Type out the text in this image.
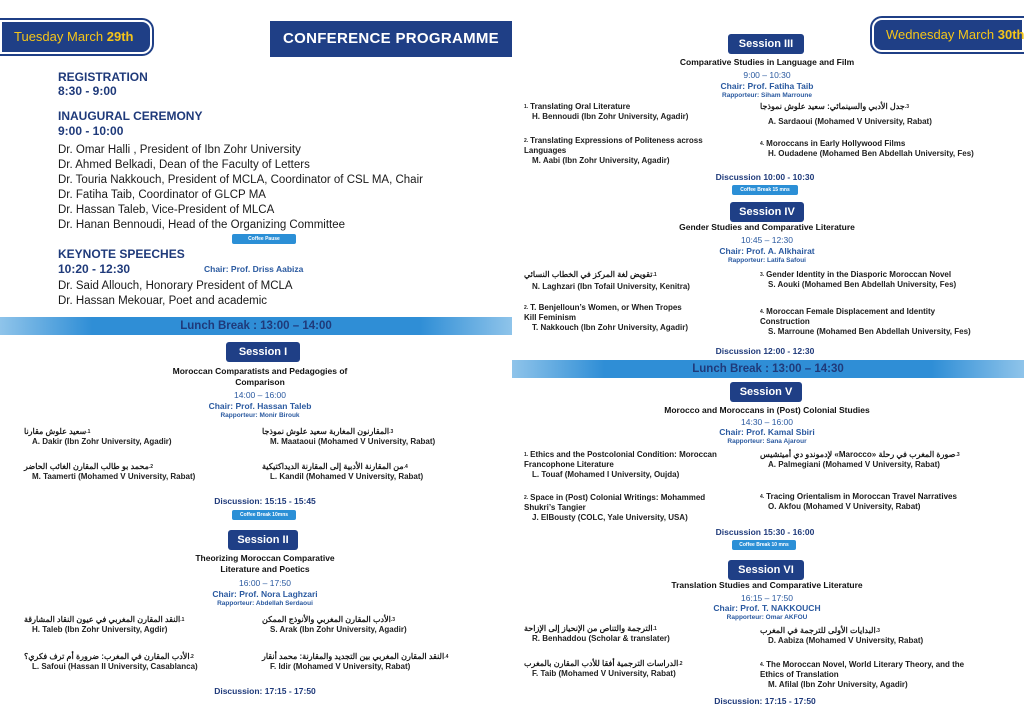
Tuesday March 29th	CONFERENCE PROGRAMME	Wednesday March 30th
REGISTRATION
8:30 - 9:00
INAUGURAL CEREMONY
9:00 - 10:00
Dr. Omar Halli , President of Ibn Zohr University
Dr. Ahmed Belkadi, Dean of the Faculty of Letters
Dr. Touria Nakkouch, President of MCLA, Coordinator of CSL MA, Chair
Dr. Fatiha Taib, Coordinator of GLCP MA
Dr. Hassan Taleb, Vice-President of MLCA
Dr. Hanan Bennoudi, Head of the Organizing Committee
Coffee Pause
KEYNOTE SPEECHES
10:20 - 12:30	Chair: Prof. Driss Aabiza
Dr. Said Allouch, Honorary President of MCLA
Dr. Hassan Mekouar, Poet and academic
Lunch Break : 13:00 – 14:00
Session I
Moroccan Comparatists and Pedagogies of
Comparison
14:00 – 16:00
Chair: Prof. Hassan Taleb
Rapporteur: Monir Birouk
$^{1.}$سعيد علوش مقارنا
A. Dakir (Ibn Zohr University, Agadir)
$^{2.}$محمد بو طالب المقارن الغائب الحاضر
M. Taamerti (Mohamed V University, Rabat)
$^{3.}$المقارنون المغاربة سعيد علوش نموذجا
M. Maataoui (Mohamed V University, Rabat)
$^{4.}$من المقارنة الأدبية إلى المقارنة الديداكتيكية
L. Kandil (Mohamed V University, Rabat)
Discussion: 15:15 - 15:45
Coffee Break 10mns
Session II
Theorizing Moroccan Comparative
Literature and Poetics
16:00 – 17:50
Chair: Prof. Nora Laghzari
Rapporteur: Abdellah Serdaoui
$^{1.}$النقد المقارن المغربي في عيون النقاد المشارقة
H. Taleb (Ibn Zohr University, Agdir)
$^{2.}$الأدب المقارن في المغرب: ضرورة أم ترف فكري؟
L. Safoui (Hassan II University, Casablanca)
$^{3.}$الأدب المقارن المغربي والأنوذج الممكن
S. Arak (Ibn Zohr University, Agadir)
$^{4.}$النقد المقارن المغربي بين التجديد والمقارنة: محمد أنقار
F. Idir (Mohamed V University, Rabat)
Discussion: 17:15 - 17:50
Session III
Comparative Studies in Language and Film
9:00 – 10:30
Chair: Prof. Fatiha Taib
Rapporteur: Siham Marroune
$^{1.}$ Translating Oral Literature
H. Bennoudi (Ibn Zohr University, Agadir)
$^{2.}$ Translating Expressions of Politeness across Languages
M. Aabi (Ibn Zohr University, Agadir)
$^{3.}$جدل الأدبي والسينمائي: سعيد علوش نموذجا
A. Sardaoui (Mohamed V University, Rabat)
$^{4.}$ Moroccans in Early Hollywood Films
H. Oudadene (Mohamed Ben Abdellah University, Fes)
Discussion 10:00 - 10:30
Coffee Break 15 mns
Session IV
Gender Studies and Comparative Literature
10:45 – 12:30
Chair: Prof. A. Alkhairat
Rapporteur: Latifa Safoui
$^{1.}$تقويض لغة المركز في الخطاب النسائي
N. Laghzari (Ibn Tofail University, Kenitra)
$^{2.}$ T. Benjelloun’s Women, or When Tropes Kill Feminism
T. Nakkouch (Ibn Zohr University, Agadir)
$^{3.}$ Gender Identity in the Diasporic Moroccan Novel
S. Aouki (Mohamed Ben Abdellah University, Fes)
$^{4.}$ Moroccan Female Displacement and Identity Construction
S. Marroune (Mohamed Ben Abdellah University, Fes)
Discussion 12:00 - 12:30
Lunch Break : 13:00 – 14:30
Session V
Morocco and Moroccans in (Post) Colonial Studies
14:30 – 16:00
Chair: Prof. Kamal Sbiri
Rapporteur: Sana Ajarour
$^{1.}$ Ethics and the Postcolonial Condition: Moroccan Francophone Literature
L. Touaf (Mohamed I University, Oujda)
$^{2.}$ Space in (Post) Colonial Writings: Mohammed Shukri’s Tangier
J. ElBousty (COLC, Yale University, USA)
$^{3.}$صورة المغرب في رحلة «Marocco» لإدموندو دي أميتشيس
A. Palmegiani (Mohamed V University, Rabat)
$^{4.}$ Tracing Orientalism in Moroccan Travel Narratives
O. Akfou (Mohamed V University, Rabat)
Discussion 15:30 - 16:00
Coffee Break 10 mns
Session VI
Translation Studies and Comparative Literature
16:15 – 17:50
Chair: Prof. T. NAKKOUCH
Rapporteur: Omar AKFOU
$^{1.}$الترجمة والتناص من الإنحياز إلى الإزاحة
R. Benhaddou (Scholar & translater)
$^{2.}$الدراسات الترجمية أفقا للأدب المقارن بالمغرب
F. Taib (Mohamed V University, Rabat)
$^{3.}$البدايات الأولى للترجمة في المغرب
D. Aabiza (Mohamed V University, Rabat)
$^{4.}$ The Moroccan Novel, World Literary Theory, and the Ethics of Translation
M. Afilal (Ibn Zohr University, Agadir)
Discussion: 17:15 - 17:50
